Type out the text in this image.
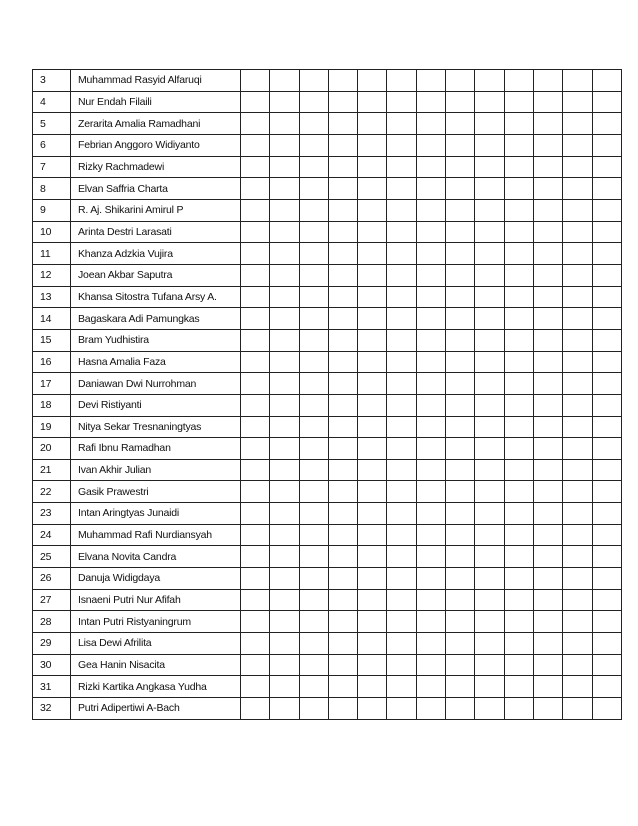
3	Muhammad Rasyid Alfaruqi													
4	Nur Endah Filaili													
5	Zerarita Amalia Ramadhani													
6	Febrian Anggoro Widiyanto													
7	Rizky Rachmadewi													
8	Elvan Saffria Charta													
9	R. Aj. Shikarini Amirul P													
10	Arinta Destri Larasati													
11	Khanza Adzkia Vujira													
12	Joean Akbar Saputra													
13	Khansa Sitostra Tufana Arsy A.													
14	Bagaskara Adi Pamungkas													
15	Bram Yudhistira													
16	Hasna Amalia Faza													
17	Daniawan Dwi Nurrohman													
18	Devi Ristiyanti													
19	Nitya Sekar Tresnaningtyas													
20	Rafi Ibnu Ramadhan													
21	Ivan Akhir Julian													
22	Gasik Prawestri													
23	Intan Aringtyas Junaidi													
24	Muhammad Rafi Nurdiansyah													
25	Elvana Novita Candra													
26	Danuja Widigdaya													
27	Isnaeni Putri Nur Afifah													
28	Intan Putri Ristyaningrum													
29	Lisa Dewi Afrilita													
30	Gea Hanin Nisacita													
31	Rizki Kartika Angkasa Yudha													
32	Putri Adipertiwi A-Bach													
